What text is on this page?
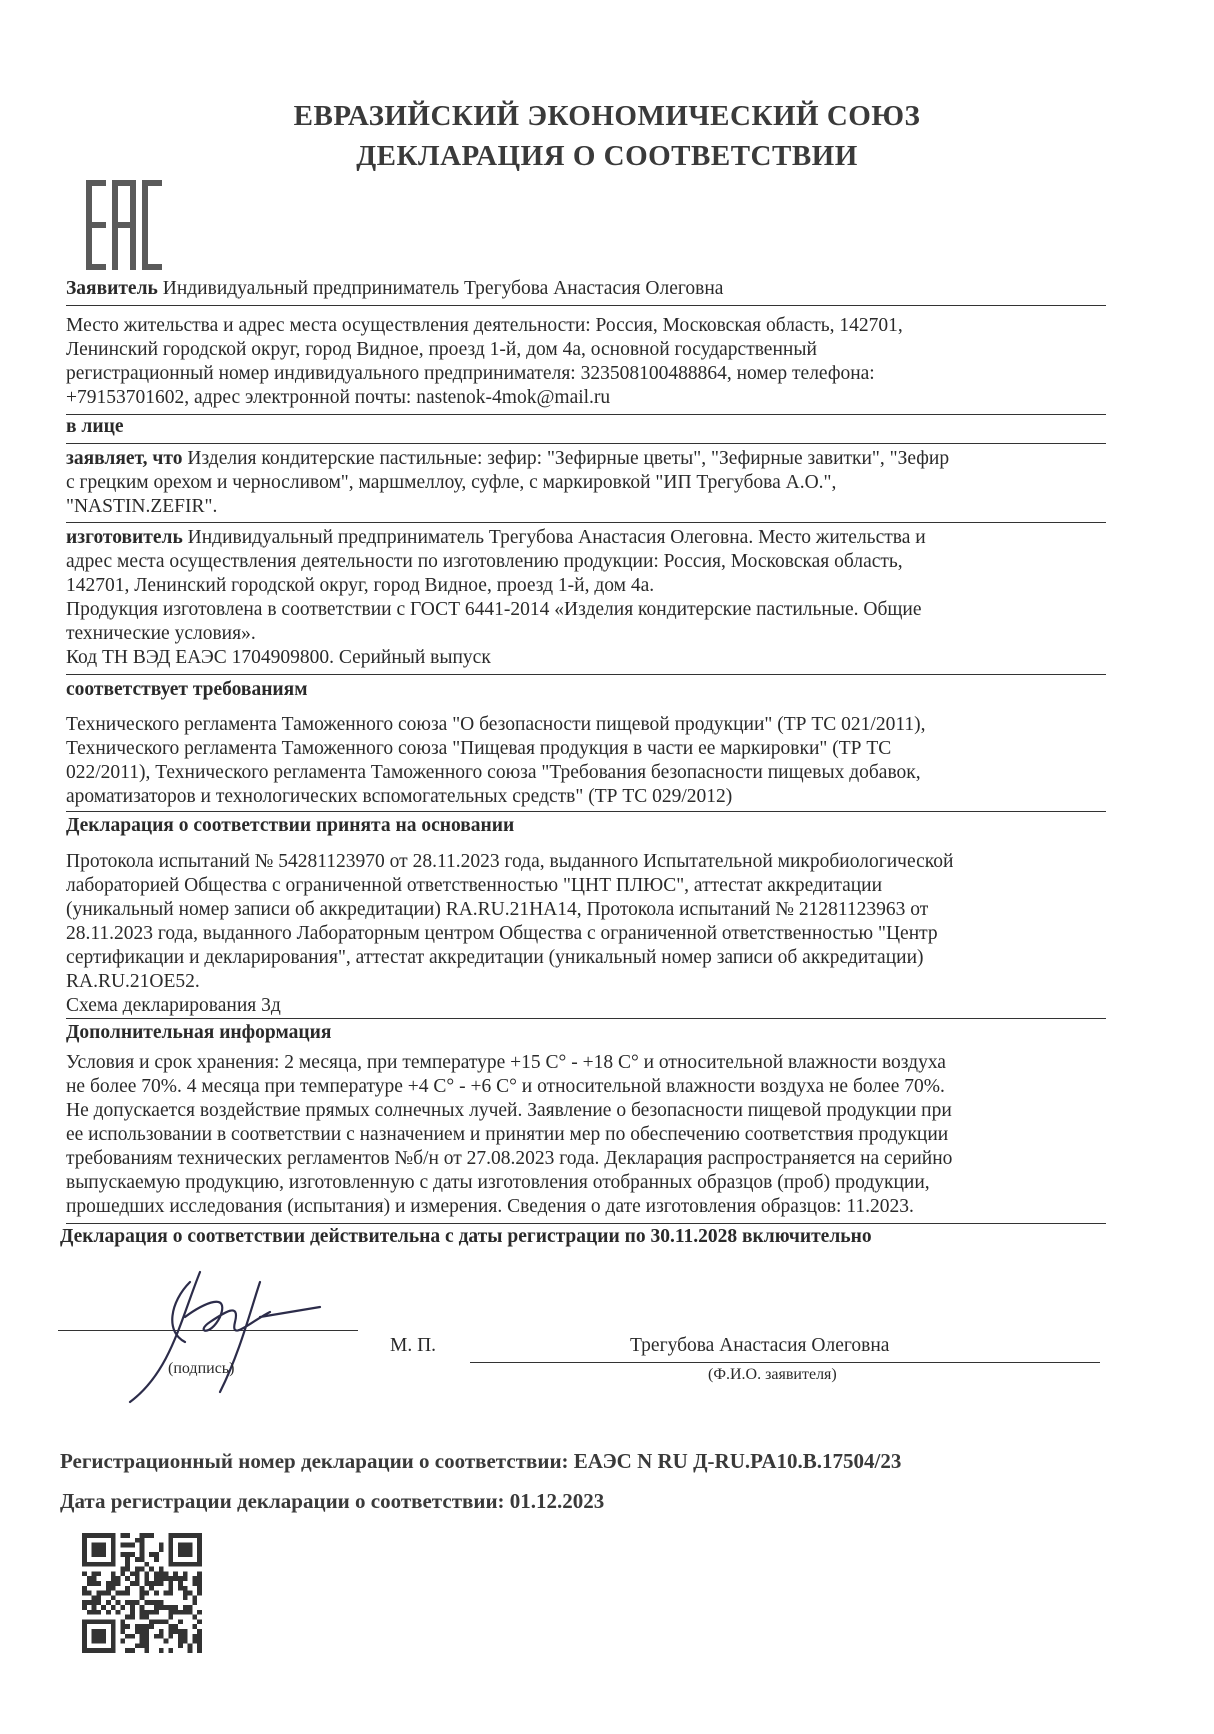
ЕВРАЗИЙСКИЙ ЭКОНОМИЧЕСКИЙ СОЮЗ
ДЕКЛАРАЦИЯ О СООТВЕТСТВИИ
Заявитель Индивидуальный предприниматель Трегубова Анастасия Олеговна
Место жительства и адрес места осуществления деятельности: Россия, Московская область, 142701,
Ленинский городской округ, город Видное, проезд 1-й, дом 4а, основной государственный
регистрационный номер индивидуального предпринимателя: 323508100488864, номер телефона:
+79153701602, адрес электронной почты: nastenok-4mok@mail.ru
в лице
заявляет, что Изделия кондитерские пастильные: зефир: "Зефирные цветы", "Зефирные завитки", "Зефир
с грецким орехом и черносливом", маршмеллоу, суфле, с маркировкой "ИП Трегубова А.О.",
"NASTIN.ZEFIR".
изготовитель Индивидуальный предприниматель Трегубова Анастасия Олеговна. Место жительства и
адрес места осуществления деятельности по изготовлению продукции: Россия, Московская область,
142701, Ленинский городской округ, город Видное, проезд 1-й, дом 4а.
Продукция изготовлена в соответствии с ГОСТ 6441-2014 «Изделия кондитерские пастильные. Общие
технические условия».
Код ТН ВЭД ЕАЭС 1704909800. Серийный выпуск
соответствует требованиям
Технического регламента Таможенного союза "О безопасности пищевой продукции" (ТР ТС 021/2011),
Технического регламента Таможенного союза "Пищевая продукция в части ее маркировки" (ТР ТС
022/2011), Технического регламента Таможенного союза "Требования безопасности пищевых добавок,
ароматизаторов и технологических вспомогательных средств" (ТР ТС 029/2012)
Декларация о соответствии принята на основании
Протокола испытаний № 54281123970 от 28.11.2023 года, выданного Испытательной микробиологической
лабораторией Общества с ограниченной ответственностью "ЦНТ ПЛЮС", аттестат аккредитации
(уникальный номер записи об аккредитации) RA.RU.21НА14, Протокола испытаний № 21281123963 от
28.11.2023 года, выданного Лабораторным центром Общества с ограниченной ответственностью "Центр
сертификации и декларирования", аттестат аккредитации (уникальный номер записи об аккредитации)
RA.RU.21ОЕ52.
Схема декларирования 3д
Дополнительная информация
Условия и срок хранения: 2 месяца, при температуре +15 С° - +18 С° и относительной влажности воздуха
не более 70%. 4 месяца при температуре +4 С° - +6 С° и относительной влажности воздуха не более 70%.
Не допускается воздействие прямых солнечных лучей. Заявление о безопасности пищевой продукции при
ее использовании в соответствии с назначением и принятии мер по обеспечению соответствия продукции
требованиям технических регламентов №б/н от 27.08.2023 года. Декларация распространяется на серийно
выпускаемую продукцию, изготовленную с даты изготовления отобранных образцов (проб) продукции,
прошедших исследования (испытания) и измерения. Сведения о дате изготовления образцов: 11.2023.
Декларация о соответствии действительна с даты регистрации по 30.11.2028 включительно
(подпись)
М. П.	Трегубова Анастасия Олеговна
(Ф.И.О. заявителя)
Регистрационный номер декларации о соответствии: ЕАЭС N RU Д-RU.PA10.B.17504/23
Дата регистрации декларации о соответствии: 01.12.2023
